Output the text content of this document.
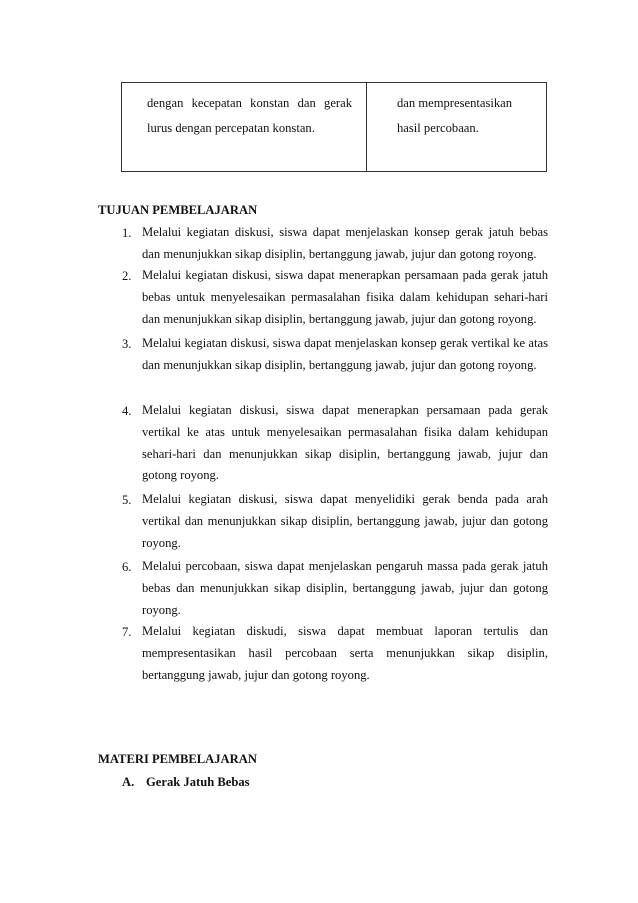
dengan kecepatan konstan dan gerak

lurus dengan percepatan konstan.

dan mempresentasikan

hasil percobaan.

TUJUAN PEMBELAJARAN
1. Melalui kegiatan diskusi, siswa dapat menjelaskan konsep gerak jatuh bebas dan menunjukkan sikap disiplin, bertanggung jawab, jujur dan gotong royong.
2. Melalui kegiatan diskusi, siswa dapat menerapkan persamaan pada gerak jatuh bebas untuk menyelesaikan permasalahan fisika dalam kehidupan sehari-hari dan menunjukkan sikap disiplin, bertanggung jawab, jujur dan gotong royong.
3. Melalui kegiatan diskusi, siswa dapat menjelaskan konsep gerak vertikal ke atas dan menunjukkan sikap disiplin, bertanggung jawab, jujur dan gotong royong.
4. Melalui kegiatan diskusi, siswa dapat menerapkan persamaan pada gerak vertikal ke atas untuk menyelesaikan permasalahan fisika dalam kehidupan sehari-hari dan menunjukkan sikap disiplin, bertanggung jawab, jujur dan gotong royong.
5. Melalui kegiatan diskusi, siswa dapat menyelidiki gerak benda pada arah vertikal dan menunjukkan sikap disiplin, bertanggung jawab, jujur dan gotong royong.
6. Melalui percobaan, siswa dapat menjelaskan pengaruh massa pada gerak jatuh bebas dan menunjukkan sikap disiplin, bertanggung jawab, jujur dan gotong royong.
7. Melalui kegiatan diskudi, siswa dapat membuat laporan tertulis dan mempresentasikan hasil percobaan serta menunjukkan sikap disiplin, bertanggung jawab, jujur dan gotong royong.
MATERI PEMBELAJARAN

A. Gerak Jatuh Bebas
